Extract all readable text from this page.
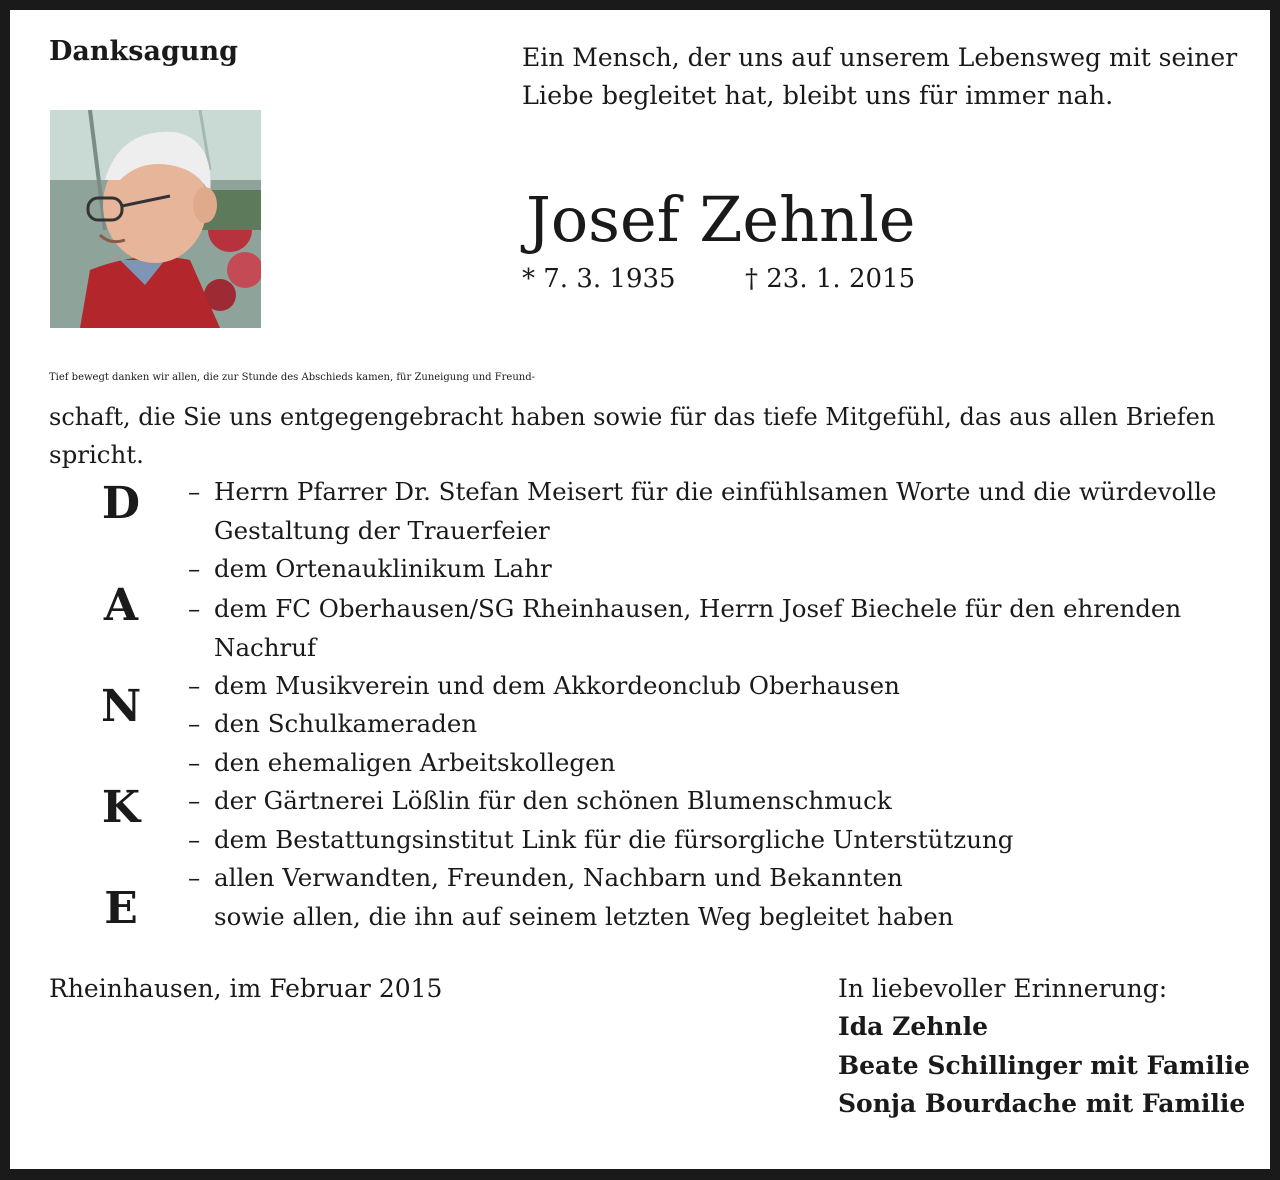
Danksagung	Ein Mensch, der uns auf unserem Lebensweg mit seiner
Liebe begleitet hat, bleibt uns für immer nah.
Josef Zehnle
* 7. 3. 1935	† 23. 1. 2015
Tief bewegt danken wir allen, die zur Stunde des Abschieds kamen, für Zuneigung und Freund-
schaft, die Sie uns entgegengebracht haben sowie für das tiefe Mitgefühl, das aus allen Briefen
spricht.
D
A
N
K
E
– Herrn Pfarrer Dr. Stefan Meisert für die einfühlsamen Worte und die würdevolle
Gestaltung der Trauerfeier
– dem Ortenauklinikum Lahr
– dem FC Oberhausen/SG Rheinhausen, Herrn Josef Biechele für den ehrenden
Nachruf
– dem Musikverein und dem Akkordeonclub Oberhausen
– den Schulkameraden
– den ehemaligen Arbeitskollegen
– der Gärtnerei Lößlin für den schönen Blumenschmuck
– dem Bestattungsinstitut Link für die fürsorgliche Unterstützung
– allen Verwandten, Freunden, Nachbarn und Bekannten
sowie allen, die ihn auf seinem letzten Weg begleitet haben
Rheinhausen, im Februar 2015	In liebevoller Erinnerung:
Ida Zehnle
Beate Schillinger mit Familie
Sonja Bourdache mit Familie
